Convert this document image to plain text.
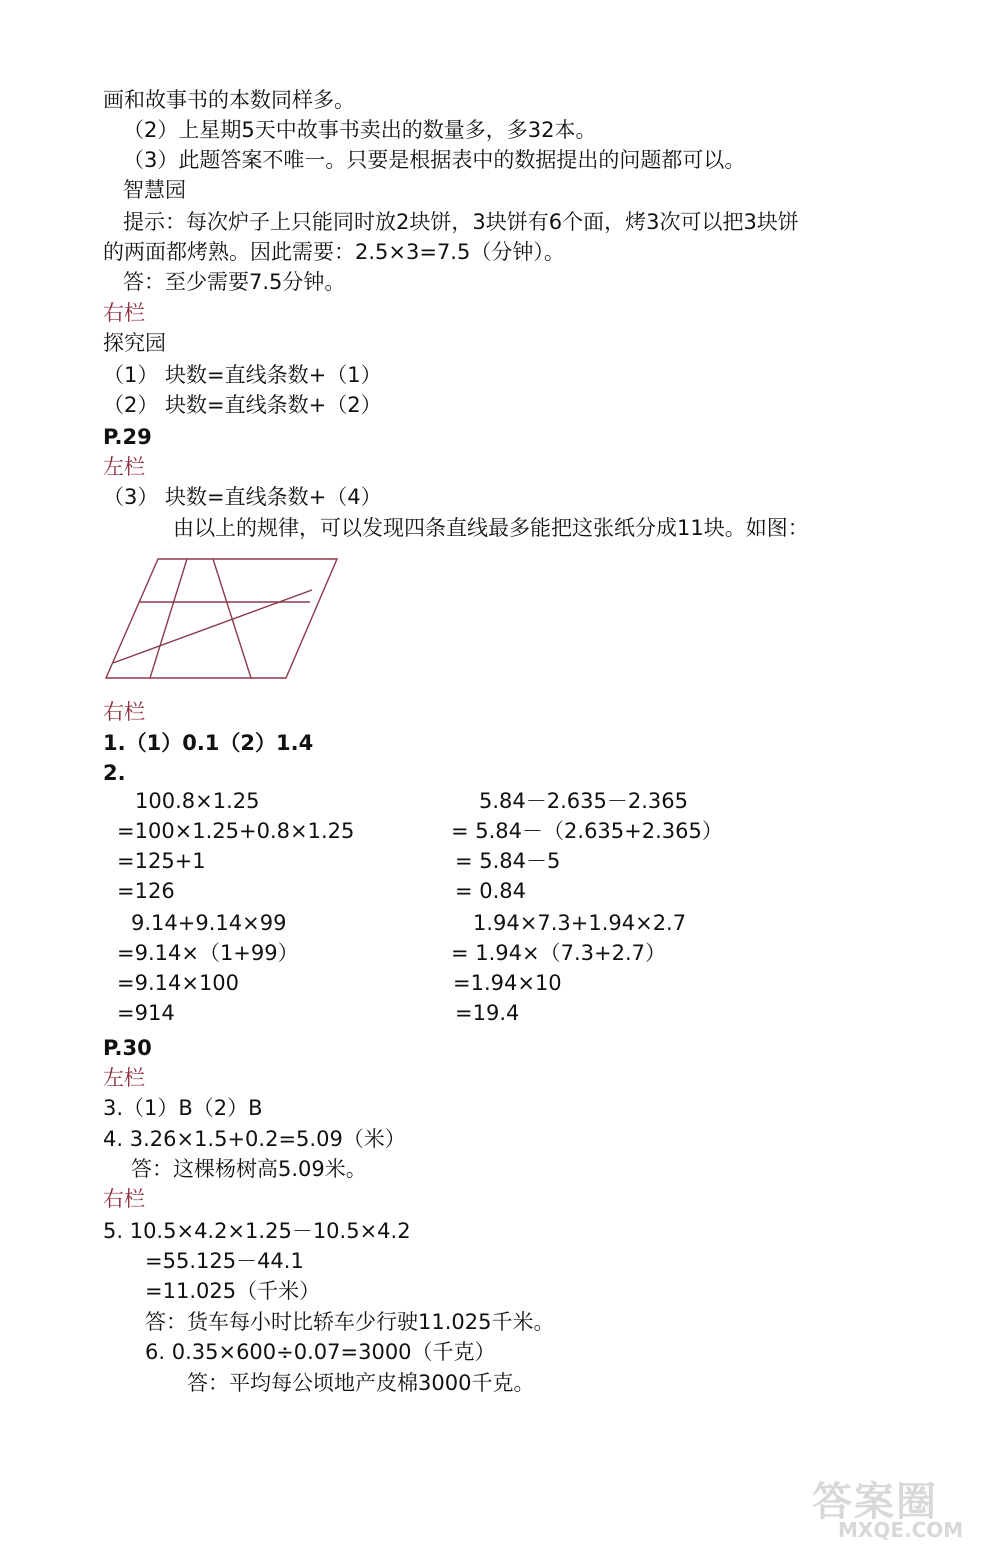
画和故事书的本数同样多。
（2）上星期5天中故事书卖出的数量多，多32本。
（3）此题答案不唯一。只要是根据表中的数据提出的问题都可以。
智慧园
提示：每次炉子上只能同时放2块饼，3块饼有6个面，烤3次可以把3块饼
的两面都烤熟。因此需要：2.5×3=7.5（分钟）。
答：至少需要7.5分钟。
右栏
探究园
（1） 块数=直线条数+（1）
（2） 块数=直线条数+（2）
P.29
左栏
（3） 块数=直线条数+（4）
由以上的规律，可以发现四条直线最多能把这张纸分成11块。如图：
右栏
1.（1）0.1（2）1.4
2.
100.8×1.25
=100×1.25+0.8×1.25
=125+1
=126
9.14+9.14×99
=9.14×（1+99）
=9.14×100
=914
5.84－2.635－2.365
= 5.84－（2.635+2.365）
= 5.84－5
= 0.84
1.94×7.3+1.94×2.7
= 1.94×（7.3+2.7）
=1.94×10
=19.4
P.30
左栏
3.（1）B（2）B
4. 3.26×1.5+0.2=5.09（米）
答：这棵杨树高5.09米。
右栏
5. 10.5×4.2×1.25－10.5×4.2
=55.125－44.1
=11.025（千米）
答：货车每小时比轿车少行驶11.025千米。
6. 0.35×600÷0.07=3000（千克）
答：平均每公顷地产皮棉3000千克。
答案圈
MXQE.COM
